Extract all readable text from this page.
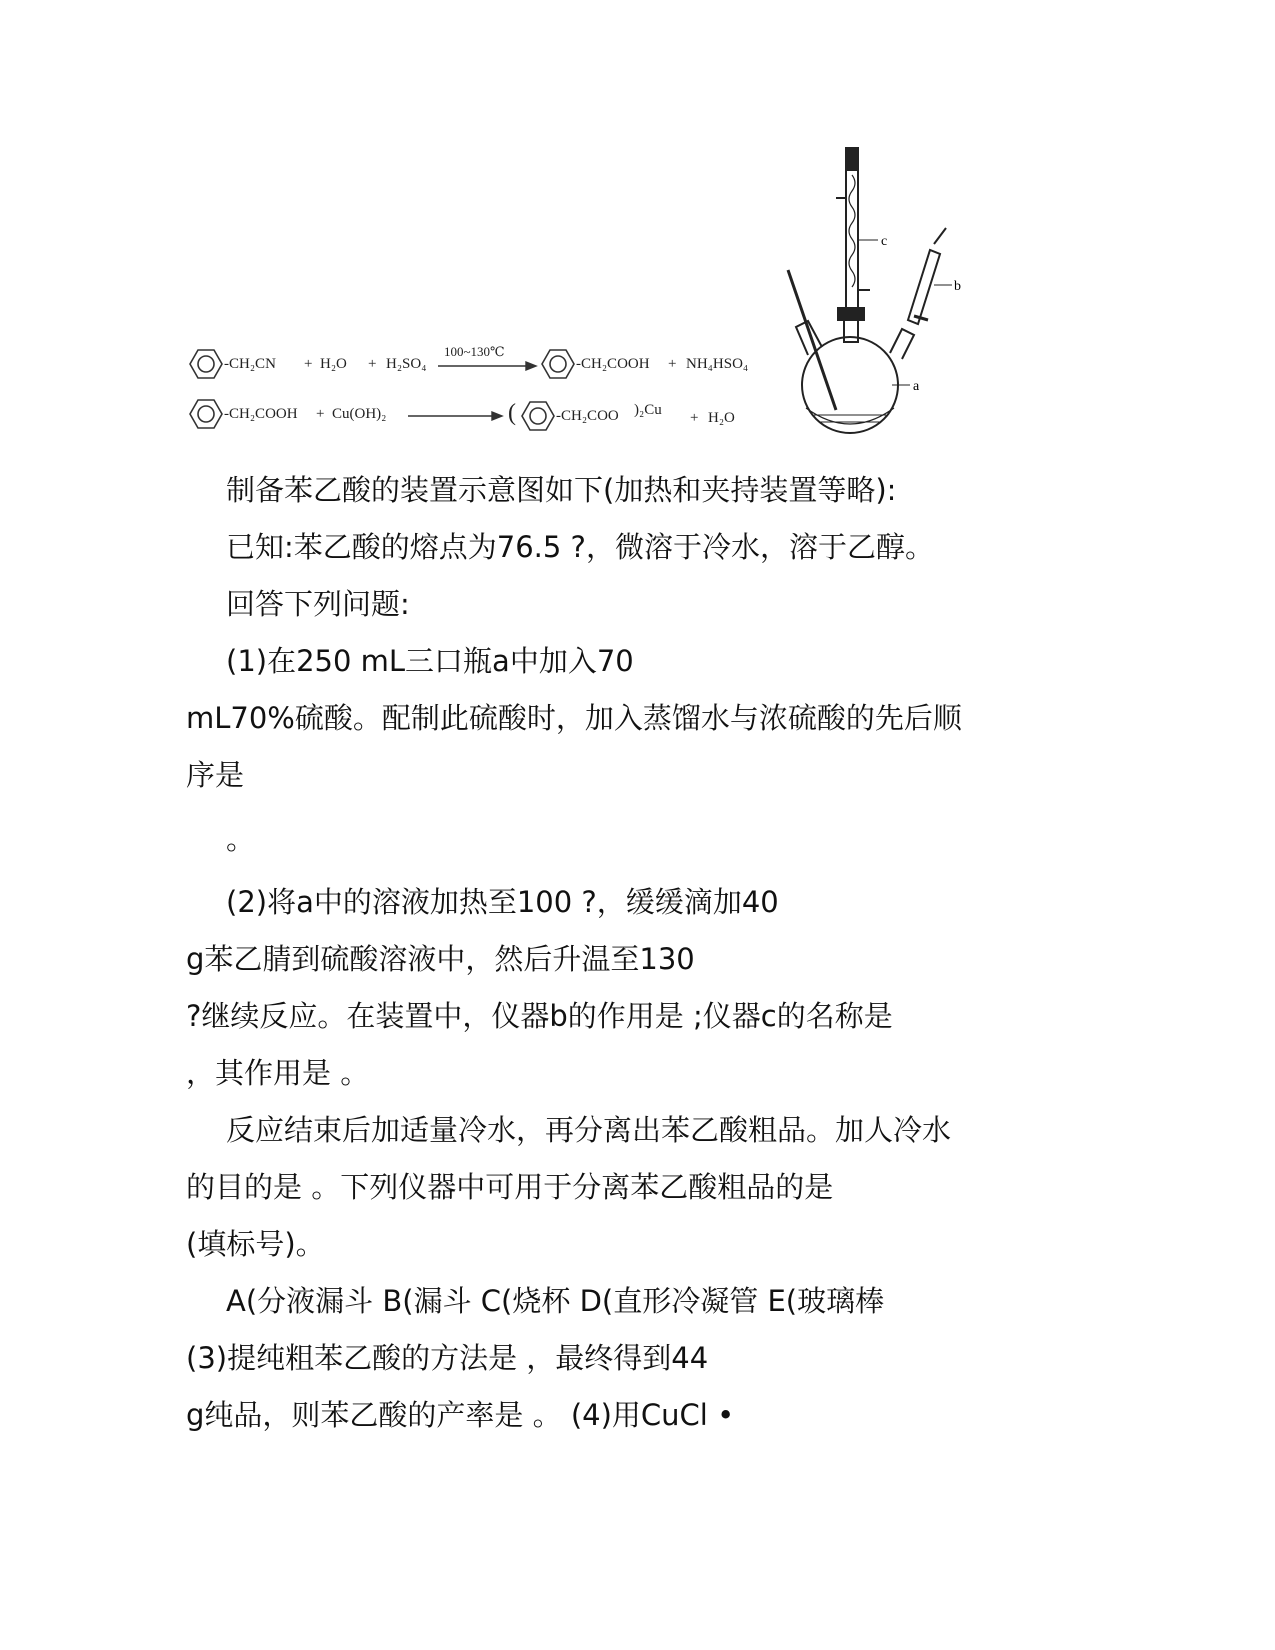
c
b
a
-CH₂CN + H₂O + H₂SO₄
100~130℃
-CH₂COOH + NH₄HSO₄
-CH₂COOH + Cu(OH)₂	(	-CH₂COO )₂Cu + H₂O
制备苯乙酸的装置示意图如下(加热和夹持装置等略):
已知:苯乙酸的熔点为76.5 ?，微溶于冷水，溶于乙醇。
回答下列问题:
(1)在250 mL三口瓶a中加入70
mL70%硫酸。配制此硫酸时，加入蒸馏水与浓硫酸的先后顺
序是
。
(2)将a中的溶液加热至100 ?，缓缓滴加40
g苯乙腈到硫酸溶液中，然后升温至130
?继续反应。在装置中，仪器b的作用是 ;仪器c的名称是
，其作用是 。
反应结束后加适量冷水，再分离出苯乙酸粗品。加人冷水
的目的是 。下列仪器中可用于分离苯乙酸粗品的是
(填标号)。
A(分液漏斗 B(漏斗 C(烧杯 D(直形冷凝管 E(玻璃棒
(3)提纯粗苯乙酸的方法是 ，最终得到44
g纯品，则苯乙酸的产率是 。 (4)用CuCl •
